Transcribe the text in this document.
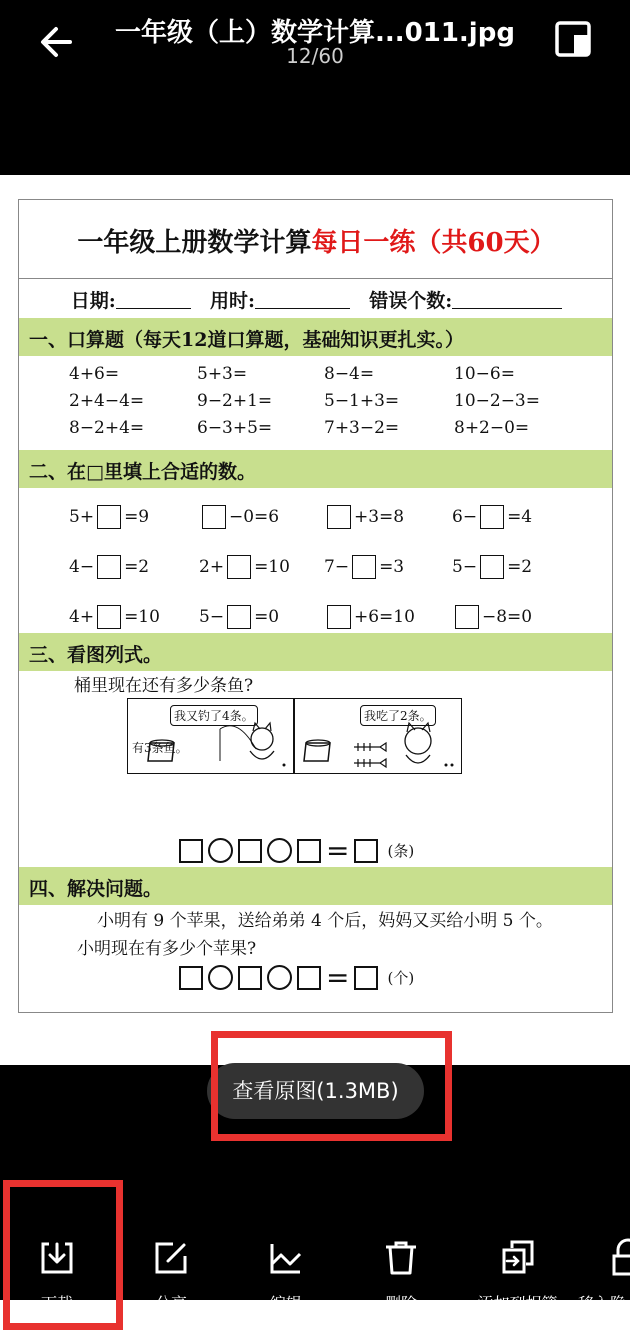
一年级（上）数学计算...011.jpg
12/60
一年级上册数学计算每日一练（共60天）
日期:	用时:	错误个数:
一、口算题（每天12道口算题，基础知识更扎实。）
4+6=	5+3=	8−4=	10−6=
2+4−4=	9−2+1=	5−1+3=	10−2−3=
8−2+4=	6−3+5=	7+3−2=	8+2−0=
二、在□里填上合适的数。
5+ =9	−0=6	+3=8	6− =4
4− =2	2+ =10 7− =3	5− =2
4+ =10 5− =0	+6=10	−8=0
三、看图列式。
桶里现在还有多少条鱼?
我又钓了4条。	我吃了2条。
有3条鱼。
=	(条)
四、解决问题。
小明有 9 个苹果，送给弟弟 4 个后，妈妈又买给小明 5 个。
小明现在有多少个苹果?
=	(个)
查看原图(1.3MB)
